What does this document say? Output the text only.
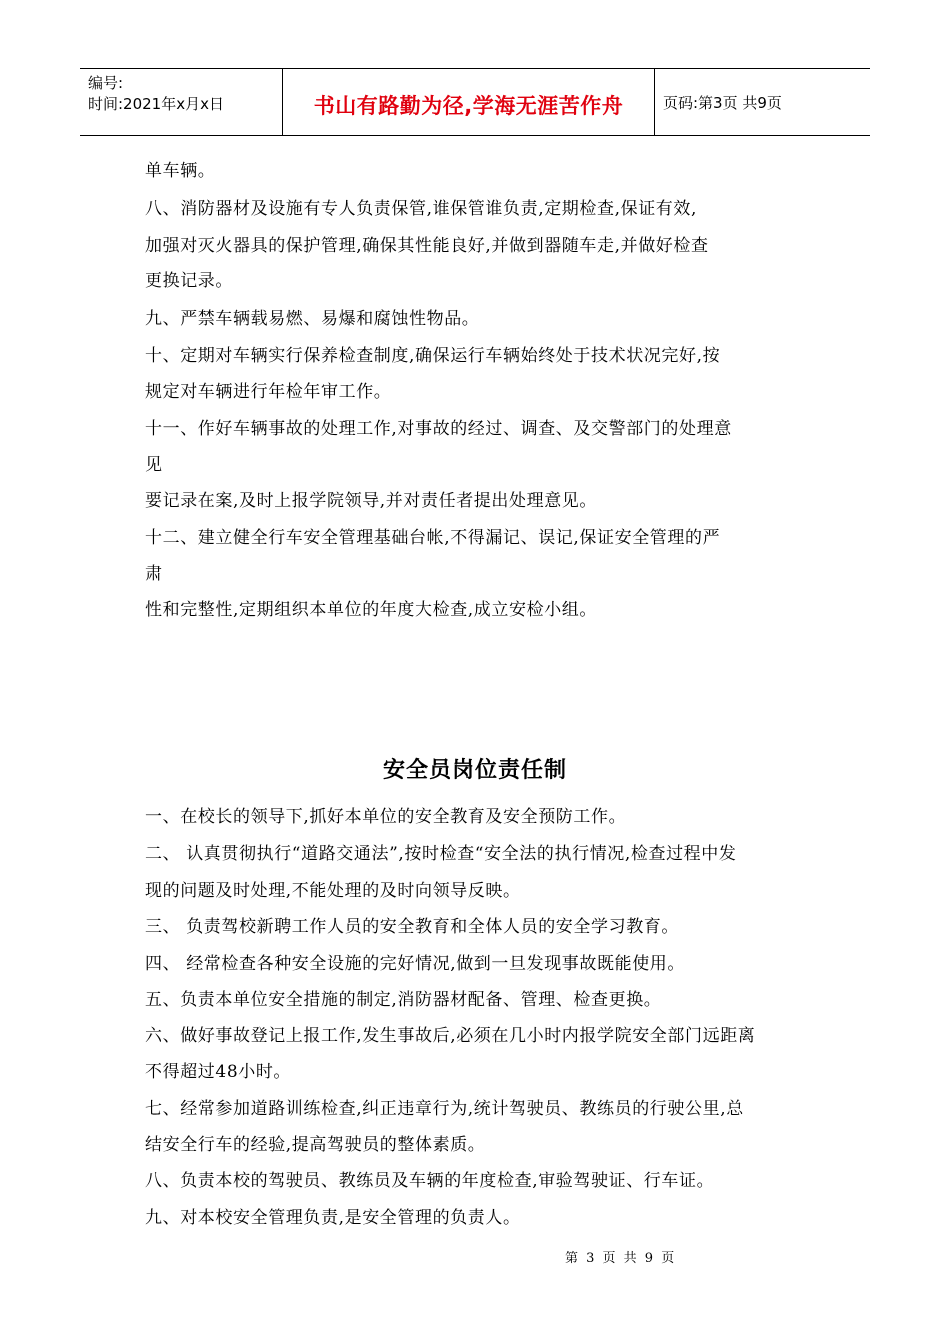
编号:
时间:2021年x月x日	书山有路勤为径,学海无涯苦作舟	页码:第3页 共9页
单车辆。
八、消防器材及设施有专人负责保管,谁保管谁负责,定期检查,保证有效,
加强对灭火器具的保护管理,确保其性能良好,并做到器随车走,并做好检查
更换记录。
九、严禁车辆载易燃、易爆和腐蚀性物品。
十、定期对车辆实行保养检查制度,确保运行车辆始终处于技术状况完好,按
规定对车辆进行年检年审工作。
十一、作好车辆事故的处理工作,对事故的经过、调查、及交警部门的处理意
见
要记录在案,及时上报学院领导,并对责任者提出处理意见。
十二、建立健全行车安全管理基础台帐,不得漏记、误记,保证安全管理的严
肃
性和完整性,定期组织本单位的年度大检查,成立安检小组。
安全员岗位责任制
一、在校长的领导下,抓好本单位的安全教育及安全预防工作。
二、 认真贯彻执行“道路交通法”,按时检查“安全法的执行情况,检查过程中发
现的问题及时处理,不能处理的及时向领导反映。
三、 负责驾校新聘工作人员的安全教育和全体人员的安全学习教育。
四、 经常检查各种安全设施的完好情况,做到一旦发现事故既能使用。
五、负责本单位安全措施的制定,消防器材配备、管理、检查更换。
六、做好事故登记上报工作,发生事故后,必须在几小时内报学院安全部门远距离
不得超过48小时。
七、经常参加道路训练检查,纠正违章行为,统计驾驶员、教练员的行驶公里,总
结安全行车的经验,提高驾驶员的整体素质。
八、负责本校的驾驶员、教练员及车辆的年度检查,审验驾驶证、行车证。
九、对本校安全管理负责,是安全管理的负责人。
第 3 页 共 9 页
